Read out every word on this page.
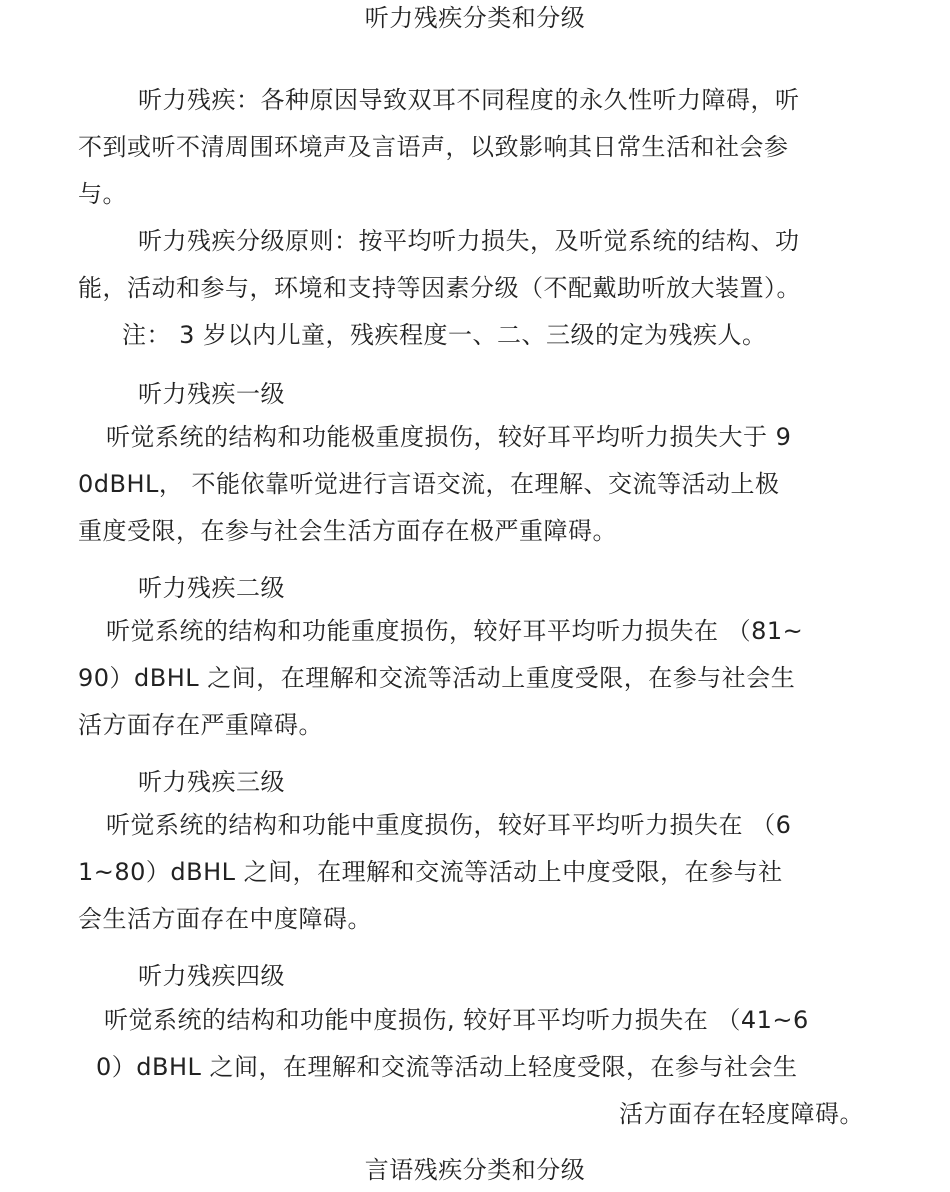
听力残疾分类和分级
听力残疾：各种原因导致双耳不同程度的永久性听力障碍，听
不到或听不清周围环境声及言语声，以致影响其日常生活和社会参
与。
听力残疾分级原则：按平均听力损失，及听觉系统的结构、功
能，活动和参与，环境和支持等因素分级（不配戴助听放大装置）。
注： 3 岁以内儿童，残疾程度一、二、三级的定为残疾人。
听力残疾一级
听觉系统的结构和功能极重度损伤，较好耳平均听力损失大于 9
0dBHL， 不能依靠听觉进行言语交流，在理解、交流等活动上极
重度受限，在参与社会生活方面存在极严重障碍。
听力残疾二级
听觉系统的结构和功能重度损伤，较好耳平均听力损失在 （81~
90）dBHL 之间，在理解和交流等活动上重度受限，在参与社会生
活方面存在严重障碍。
听力残疾三级
听觉系统的结构和功能中重度损伤，较好耳平均听力损失在 （6
1~80）dBHL 之间，在理解和交流等活动上中度受限，在参与社
会生活方面存在中度障碍。
听力残疾四级
听觉系统的结构和功能中度损伤, 较好耳平均听力损失在 （41~6
0）dBHL 之间，在理解和交流等活动上轻度受限，在参与社会生
活方面存在轻度障碍。
言语残疾分类和分级
